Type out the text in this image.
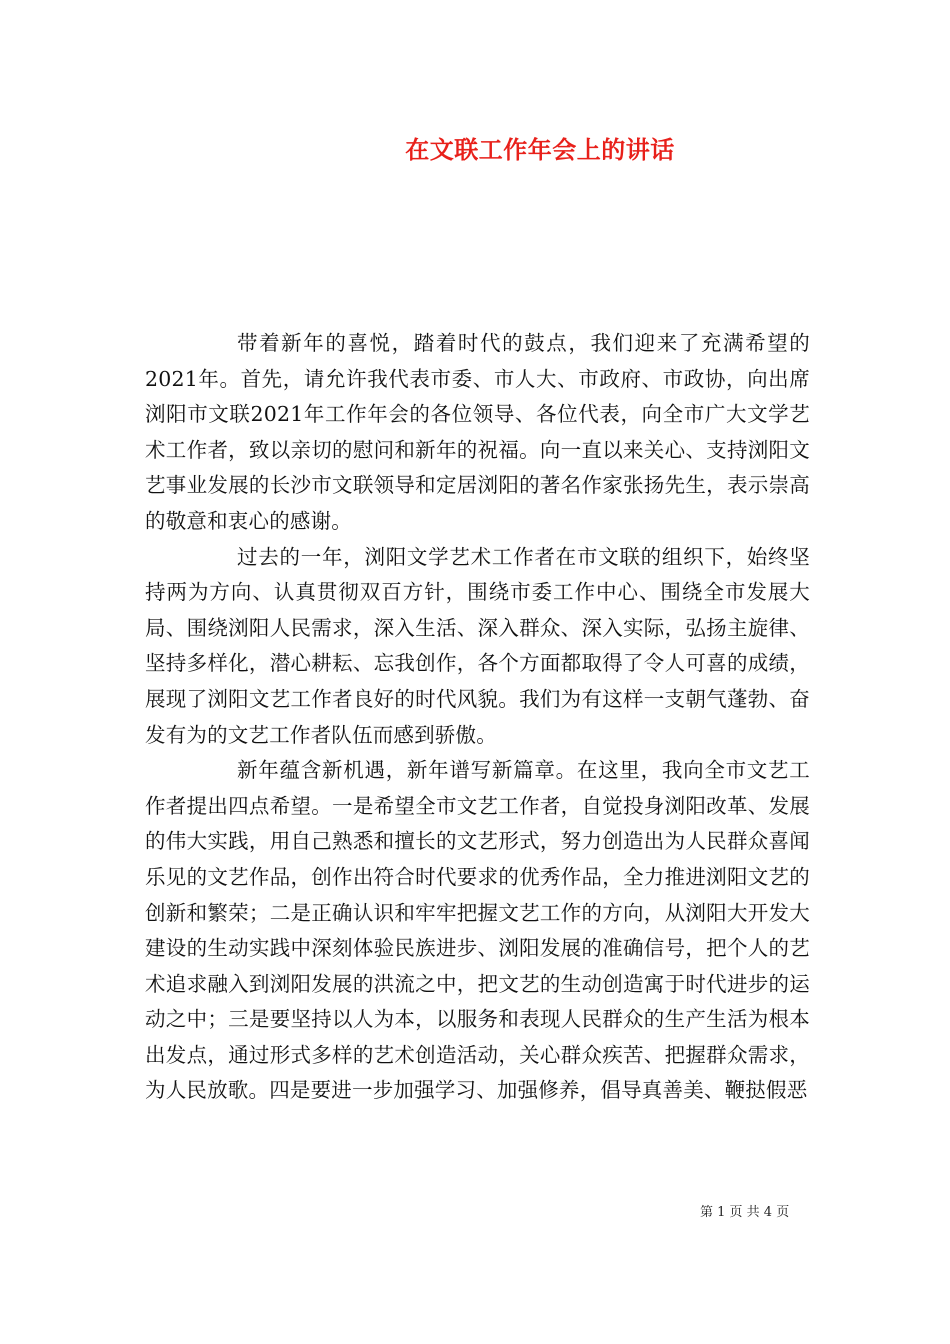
在文联工作年会上的讲话

带着新年的喜悦，踏着时代的鼓点，我们迎来了充满希望的2021年。首先，请允许我代表市委、市人大、市政府、市政协，向出席浏阳市文联2021年工作年会的各位领导、各位代表，向全市广大文学艺术工作者，致以亲切的慰问和新年的祝福。向一直以来关心、支持浏阳文艺事业发展的长沙市文联领导和定居浏阳的著名作家张扬先生，表示崇高的敬意和衷心的感谢。

过去的一年，浏阳文学艺术工作者在市文联的组织下，始终坚持两为方向、认真贯彻双百方针，围绕市委工作中心、围绕全市发展大局、围绕浏阳人民需求，深入生活、深入群众、深入实际，弘扬主旋律、坚持多样化，潜心耕耘、忘我创作，各个方面都取得了令人可喜的成绩，展现了浏阳文艺工作者良好的时代风貌。我们为有这样一支朝气蓬勃、奋发有为的文艺工作者队伍而感到骄傲。

新年蕴含新机遇，新年谱写新篇章。在这里，我向全市文艺工作者提出四点希望。一是希望全市文艺工作者，自觉投身浏阳改革、发展的伟大实践，用自己熟悉和擅长的文艺形式，努力创造出为人民群众喜闻乐见的文艺作品，创作出符合时代要求的优秀作品，全力推进浏阳文艺的创新和繁荣；二是正确认识和牢牢把握文艺工作的方向，从浏阳大开发大建设的生动实践中深刻体验民族进步、浏阳发展的准确信号，把个人的艺术追求融入到浏阳发展的洪流之中，把文艺的生动创造寓于时代进步的运动之中；三是要坚持以人为本，以服务和表现人民群众的生产生活为根本出发点，通过形式多样的艺术创造活动，关心群众疾苦、把握群众需求，为人民放歌。四是要进一步加强学习、加强修养，倡导真善美、鞭挞假恶

第 1 页 共 4 页
